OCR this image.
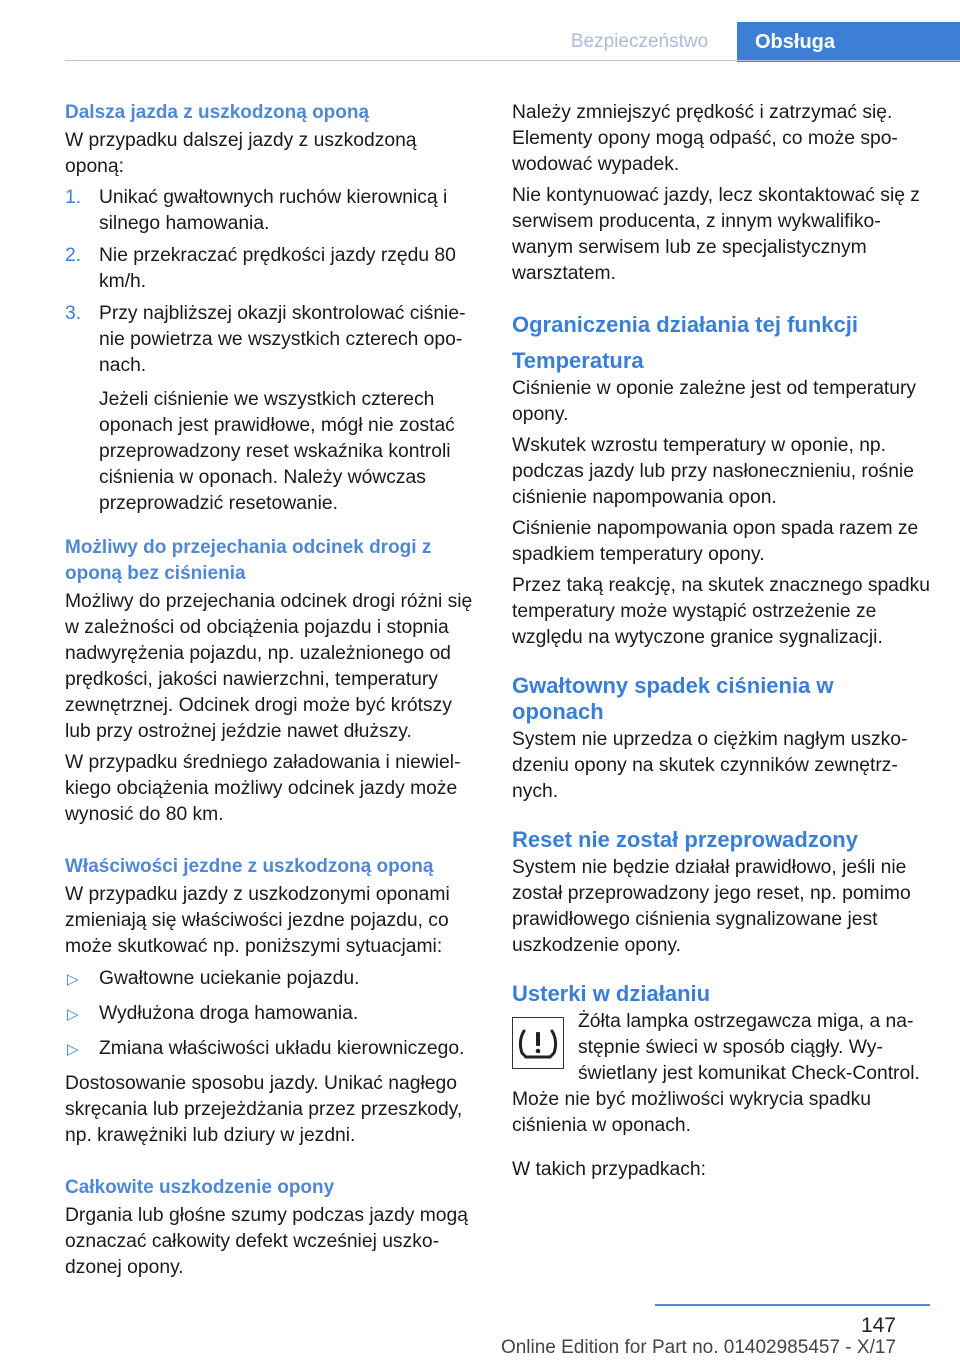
Bezpieczeństwo	Obsługa
Dalsza jazda z uszkodzoną oponą

W przypadku dalszej jazdy z uszkodzoną oponą:

1. Unikać gwałtownych ruchów kierownicą i silnego hamowania.
2. Nie przekraczać prędkości jazdy rzędu 80 km/h.
3. Przy najbliższej okazji skontrolować ciśnienie powietrza we wszystkich czterech oponach.
Jeżeli ciśnienie we wszystkich czterech oponach jest prawidłowe, mógł nie zostać przeprowadzony reset wskaźnika kontroli ciśnienia w oponach. Należy wówczas przeprowadzić resetowanie.
Możliwy do przejechania odcinek drogi z oponą bez ciśnienia

Możliwy do przejechania odcinek drogi różni się w zależności od obciążenia pojazdu i stopnia nadwyrężenia pojazdu, np. uzależnionego od prędkości, jakości nawierzchni, temperatury zewnętrznej. Odcinek drogi może być krótszy lub przy ostrożnej jeździe nawet dłuższy.

W przypadku średniego załadowania i niewielkiego obciążenia możliwy odcinek jazdy może wynosić do 80 km.

Właściwości jezdne z uszkodzoną oponą

W przypadku jazdy z uszkodzonymi oponami zmieniają się właściwości jezdne pojazdu, co może skutkować np. poniższymi sytuacjami:

▷ Gwałtowne uciekanie pojazdu.
▷ Wydłużona droga hamowania.
▷ Zmiana właściwości układu kierowniczego.

Dostosowanie sposobu jazdy. Unikać nagłego skręcania lub przejeżdżania przez przeszkody, np. krawężniki lub dziury w jezdni.

Całkowite uszkodzenie opony

Drgania lub głośne szumy podczas jazdy mogą oznaczać całkowity defekt wcześniej uszkodzonej opony.

Należy zmniejszyć prędkość i zatrzymać się. Elementy opony mogą odpaść, co może spowodować wypadek.

Nie kontynuować jazdy, lecz skontaktować się z serwisem producenta, z innym wykwalifikowanym serwisem lub ze specjalistycznym warsztatem.

Ograniczenia działania tej funkcji
Temperatura

Ciśnienie w oponie zależne jest od temperatury opony.

Wskutek wzrostu temperatury w oponie, np. podczas jazdy lub przy nasłonecznieniu, rośnie ciśnienie napompowania opon.

Ciśnienie napompowania opon spada razem ze spadkiem temperatury opony.

Przez taką reakcję, na skutek znacznego spadku temperatury może wystąpić ostrzeżenie ze względu na wytyczone granice sygnalizacji.

Gwałtowny spadek ciśnienia w oponach

System nie uprzedza o ciężkim nagłym uszkodzeniu opony na skutek czynników zewnętrznych.

Reset nie został przeprowadzony

System nie będzie działał prawidłowo, jeśli nie został przeprowadzony jego reset, np. pomimo prawidłowego ciśnienia sygnalizowane jest uszkodzenie opony.

Usterki w działaniu
Żółta lampka ostrzegawcza miga, a następnie świeci w sposób ciągły. Wyświetlany jest komunikat Check-Control. Może nie być możliwości wykrycia spadku ciśnienia w oponach.

W takich przypadkach:

147
Online Edition for Part no. 01402985457 - X/17
